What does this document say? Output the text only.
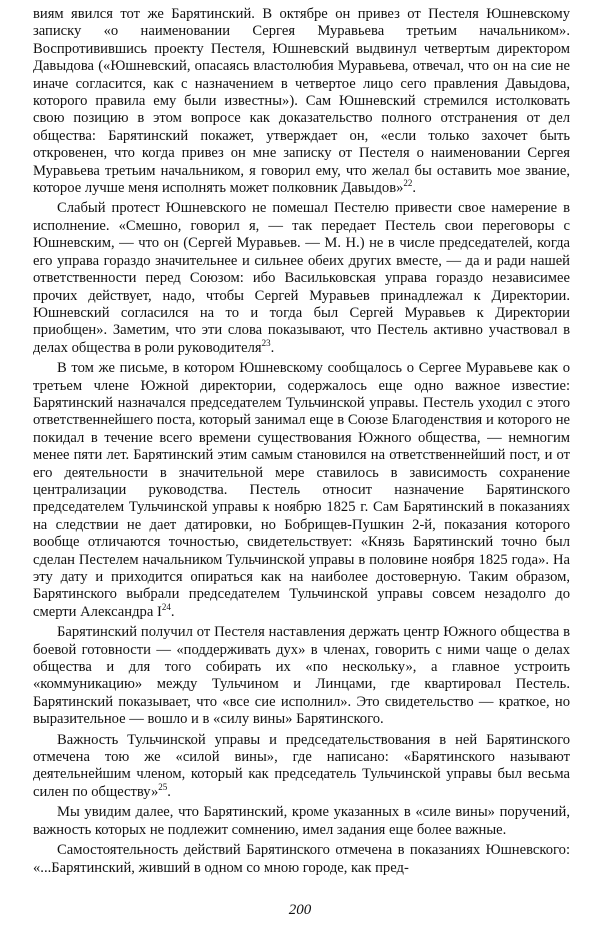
виям явился тот же Барятинский. В октябре он привез от Пестеля Юшневскому записку «о наименовании Сергея Муравьева третьим начальником». Воспротивившись проекту Пестеля, Юшневский выдвинул четвертым директором Давыдова («Юшневский, опасаясь властолюбия Муравьева, отвечал, что он на сие не иначе согласится, как с назначением в четвертое лицо сего правления Давыдова, которого правила ему были известны»). Сам Юшневский стремился истолковать свою позицию в этом вопросе как доказательство полного отстранения от дел общества: Барятинский покажет, утверждает он, «если только захочет быть откровенен, что когда привез он мне записку от Пестеля о наименовании Сергея Муравьева третьим начальником, я говорил ему, что желал бы оставить мое звание, которое лучше меня исполнять может полковник Давыдов»$^{22}$.

Слабый протест Юшневского не помешал Пестелю привести свое намерение в исполнение. «Смешно, говорил я, — так передает Пестель свои переговоры с Юшневским, — что он (Сергей Муравьев. — М. Н.) не в числе председателей, когда его управа гораздо значительнее и сильнее обеих других вместе, — да и ради нашей ответственности перед Союзом: ибо Васильковская управа гораздо независимее прочих действует, надо, чтобы Сергей Муравьев принадлежал к Директории. Юшневский согласился на то и тогда был Сергей Муравьев к Директории приобщен». Заметим, что эти слова показывают, что Пестель активно участвовал в делах общества в роли руководителя$^{23}$.

В том же письме, в котором Юшневскому сообщалось о Сергее Муравьеве как о третьем члене Южной директории, содержалось еще одно важное известие: Барятинский назначался председателем Тульчинской управы. Пестель уходил с этого ответственнейшего поста, который занимал еще в Союзе Благоденствия и которого не покидал в течение всего времени существования Южного общества, — немногим менее пяти лет. Барятинский этим самым становился на ответственнейший пост, и от его деятельности в значительной мере ставилось в зависимость сохранение централизации руководства. Пестель относит назначение Барятинского председателем Тульчинской управы к ноябрю 1825 г. Сам Барятинский в показаниях на следствии не дает датировки, но Бобрищев-Пушкин 2-й, показания которого вообще отличаются точностью, свидетельствует: «Князь Барятинский точно был сделан Пестелем начальником Тульчинской управы в половине ноября 1825 года». На эту дату и приходится опираться как на наиболее достоверную. Таким образом, Барятинского выбрали председателем Тульчинской управы совсем незадолго до смерти Александра $I^{24}$.

Барятинский получил от Пестеля наставления держать центр Южного общества в боевой готовности — «поддерживать дух» в членах, говорить с ними чаще о делах общества и для того собирать их «по нескольку», а главное устроить «коммуникацию» между Тульчином и Линцами, где квартировал Пестель. Барятинский показывает, что «все сие исполнил». Это свидетельство — краткое, но выразительное — вошло и в «силу вины» Барятинского.

Важность Тульчинской управы и председательствования в ней Барятинского отмечена тою же «силой вины», где написано: «Барятинского называют деятельнейшим членом, который как председатель Тульчинской управы был весьма силен по обществу»$^{25}$.

Мы увидим далее, что Барятинский, кроме указанных в «силе вины» поручений, важность которых не подлежит сомнению, имел задания еще более важные.

Самостоятельность действий Барятинского отмечена в показаниях Юшневского: «...Барятинский, живший в одном со мною городе, как пред-

200
